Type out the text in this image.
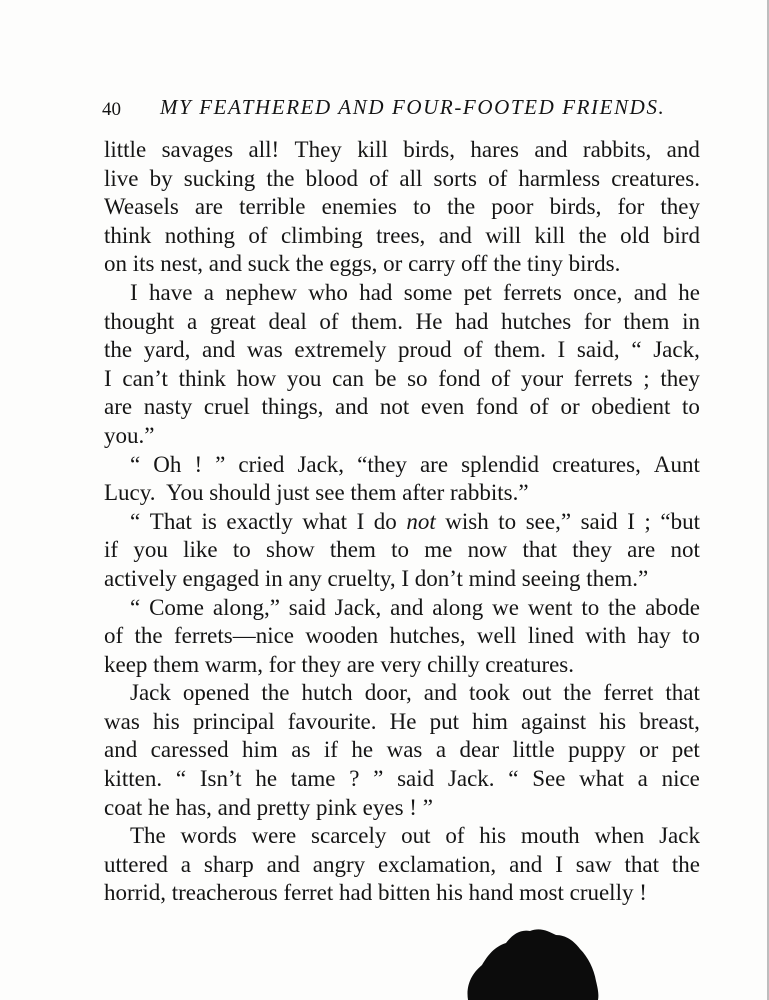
40 MY FEATHERED AND FOUR-FOOTED FRIENDS.
little savages all! They kill birds, hares and rabbits, and
live by sucking the blood of all sorts of harmless creatures.
Weasels are terrible enemies to the poor birds, for they
think nothing of climbing trees, and will kill the old bird
on its nest, and suck the eggs, or carry off the tiny birds.
I have a nephew who had some pet ferrets once, and he
thought a great deal of them. He had hutches for them in
the yard, and was extremely proud of them. I said, “ Jack,
I can’t think how you can be so fond of your ferrets ; they
are nasty cruel things, and not even fond of or obedient to
you.”
“ Oh ! ” cried Jack, “they are splendid creatures, Aunt
Lucy.  You should just see them after rabbits.”
“ That is exactly what I do not wish to see,” said I ; “but
if you like to show them to me now that they are not
actively engaged in any cruelty, I don’t mind seeing them.”
“ Come along,” said Jack, and along we went to the abode
of the ferrets—nice wooden hutches, well lined with hay to
keep them warm, for they are very chilly creatures.
Jack opened the hutch door, and took out the ferret that
was his principal favourite. He put him against his breast,
and caressed him as if he was a dear little puppy or pet
kitten. “ Isn’t he tame ? ” said Jack. “ See what a nice
coat he has, and pretty pink eyes ! ”
The words were scarcely out of his mouth when Jack
uttered a sharp and angry exclamation, and I saw that the
horrid, treacherous ferret had bitten his hand most cruelly !
